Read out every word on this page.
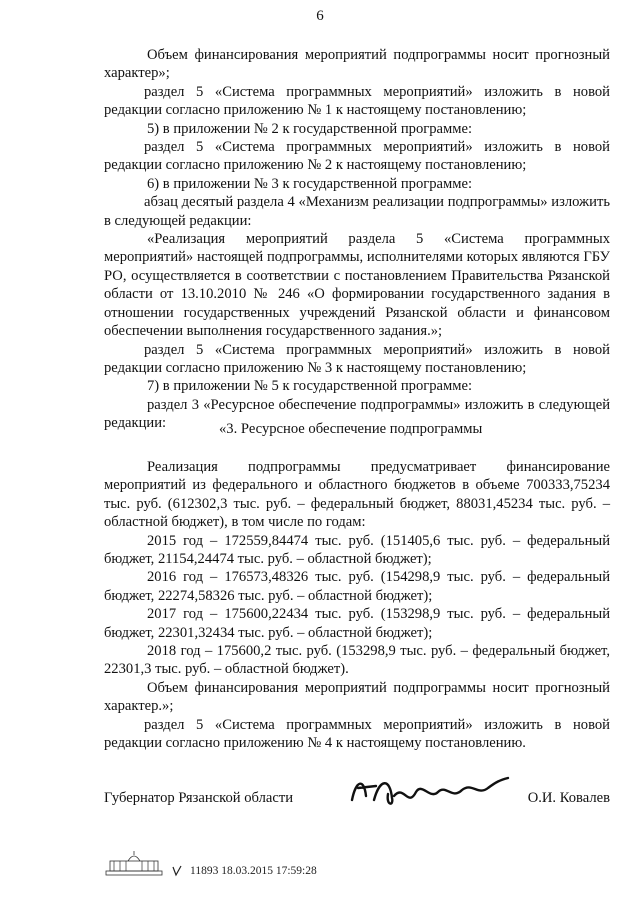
6

Объем финансирования мероприятий подпрограммы носит прогнозный характер»;

раздел 5 «Система программных мероприятий» изложить в новой редакции согласно приложению № 1 к настоящему постановлению;

5) в приложении № 2 к государственной программе:

раздел 5 «Система программных мероприятий» изложить в новой редакции согласно приложению № 2 к настоящему постановлению;

6) в приложении № 3 к государственной программе:

абзац десятый раздела 4 «Механизм реализации подпрограммы» изложить в следующей редакции:

«Реализация мероприятий раздела 5 «Система программных мероприятий» настоящей подпрограммы, исполнителями которых являются ГБУ РО, осуществляется в соответствии с постановлением Правительства Рязанской области от 13.10.2010 № 246 «О формировании государственного задания в отношении государственных учреждений Рязанской области и финансовом обеспечении выполнения государственного задания.»;

раздел 5 «Система программных мероприятий» изложить в новой редакции согласно приложению № 3 к настоящему постановлению;

7) в приложении № 5 к государственной программе:

раздел 3 «Ресурсное обеспечение подпрограммы» изложить в следующей редакции:

Реализация подпрограммы предусматривает финансирование мероприятий из федерального и областного бюджетов в объеме 700333,75234 тыс. руб. (612302,3 тыс. руб. – федеральный бюджет, 88031,45234 тыс. руб. – областной бюджет), в том числе по годам:

2015 год – 172559,84474 тыс. руб. (151405,6 тыс. руб. – федеральный бюджет, 21154,24474 тыс. руб. – областной бюджет);

2016 год – 176573,48326 тыс. руб. (154298,9 тыс. руб. – федеральный бюджет, 22274,58326 тыс. руб. – областной бюджет);

2017 год – 175600,22434 тыс. руб. (153298,9 тыс. руб. – федеральный бюджет, 22301,32434 тыс. руб. – областной бюджет);

2018 год – 175600,2 тыс. руб. (153298,9 тыс. руб. – федеральный бюджет, 22301,3 тыс. руб. – областной бюджет).

Объем финансирования мероприятий подпрограммы носит прогнозный характер.»;

раздел 5 «Система программных мероприятий» изложить в новой редакции согласно приложению № 4 к настоящему постановлению.

Губернатор Рязанской области	О.И. Ковалев
11893 18.03.2015 17:59:28

«3. Ресурсное обеспечение подпрограммы
